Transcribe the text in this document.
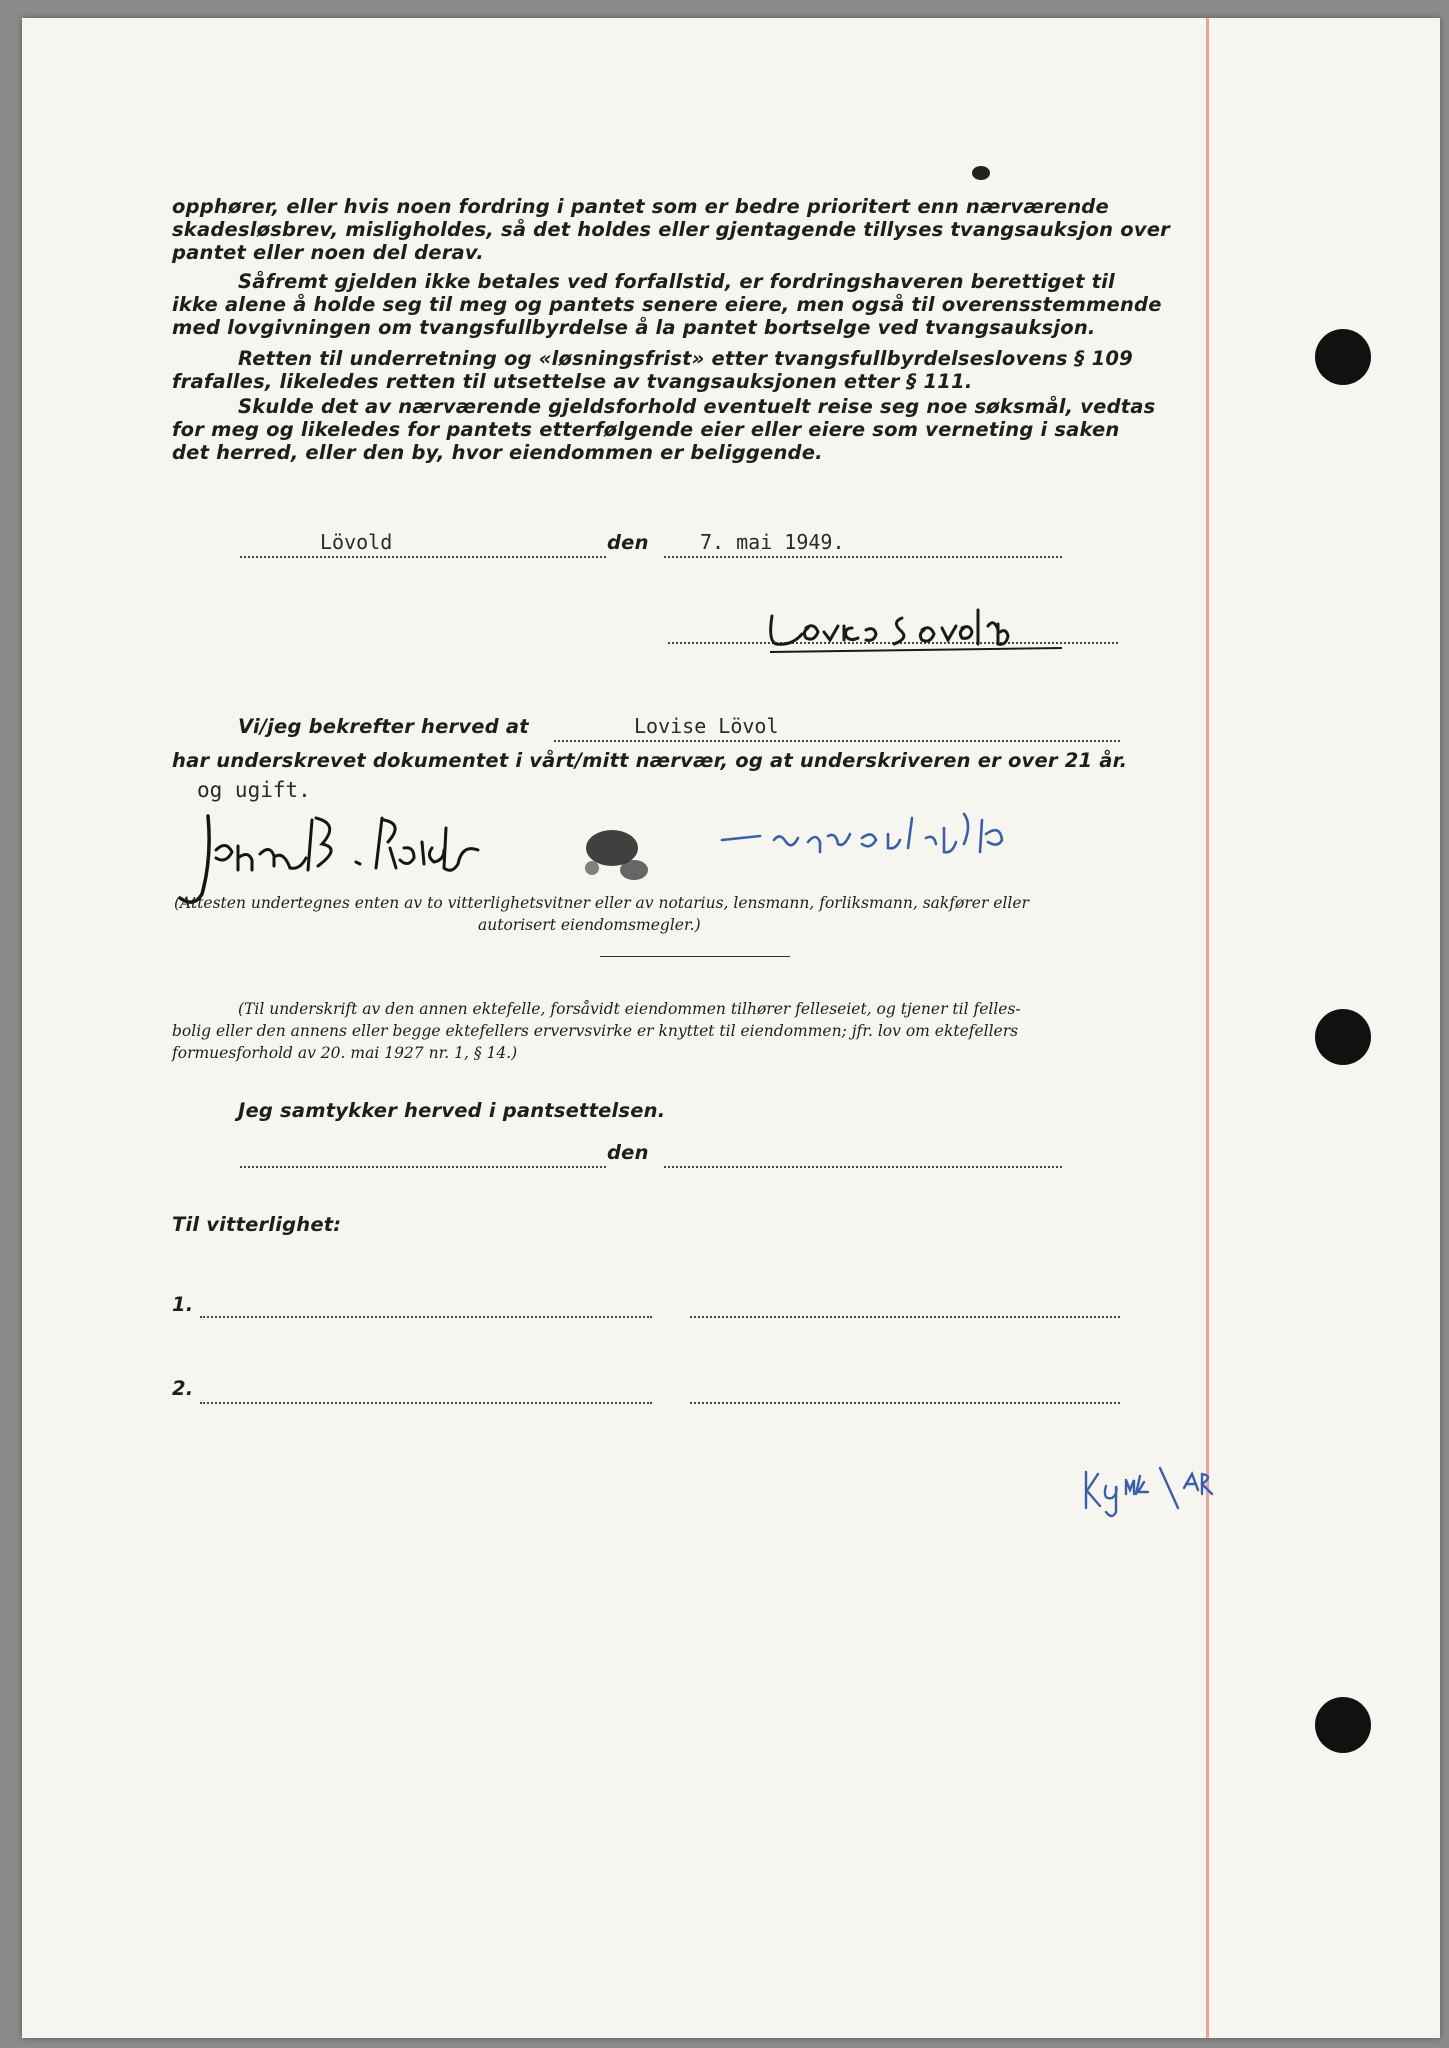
opphører, eller hvis noen fordring i pantet som er bedre prioritert enn nærværende
skadesløsbrev, misligholdes, så det holdes eller gjentagende tillyses tvangsauksjon over
pantet eller noen del derav.
Såfremt gjelden ikke betales ved forfallstid, er fordringshaveren berettiget til
ikke alene å holde seg til meg og pantets senere eiere, men også til overensstemmende
med lovgivningen om tvangsfullbyrdelse å la pantet bortselge ved tvangsauksjon.
Retten til underretning og «løsningsfrist» etter tvangsfullbyrdelseslovens § 109
frafalles, likeledes retten til utsettelse av tvangsauksjonen etter § 111.
Skulde det av nærværende gjeldsforhold eventuelt reise seg noe søksmål, vedtas
for meg og likeledes for pantets etterfølgende eier eller eiere som verneting i saken
det herred, eller den by, hvor eiendommen er beliggende.
Lövold	den	7. mai 1949.
Vi/jeg bekrefter herved at	Lovise Lövol
har underskrevet dokumentet i vårt/mitt nærvær, og at underskriveren er over 21 år.
og ugift.
(Attesten undertegnes enten av to vitterlighetsvitner eller av notarius, lensmann, forliksmann, sakfører eller
autorisert eiendomsmegler.)
(Til underskrift av den annen ektefelle, forsåvidt eiendommen tilhører felleseiet, og tjener til felles-
bolig eller den annens eller begge ektefellers ervervsvirke er knyttet til eiendommen; jfr. lov om ektefellers
formuesforhold av 20. mai 1927 nr. 1, § 14.)
Jeg samtykker herved i pantsettelsen.
den
Til vitterlighet:
1.
2.
